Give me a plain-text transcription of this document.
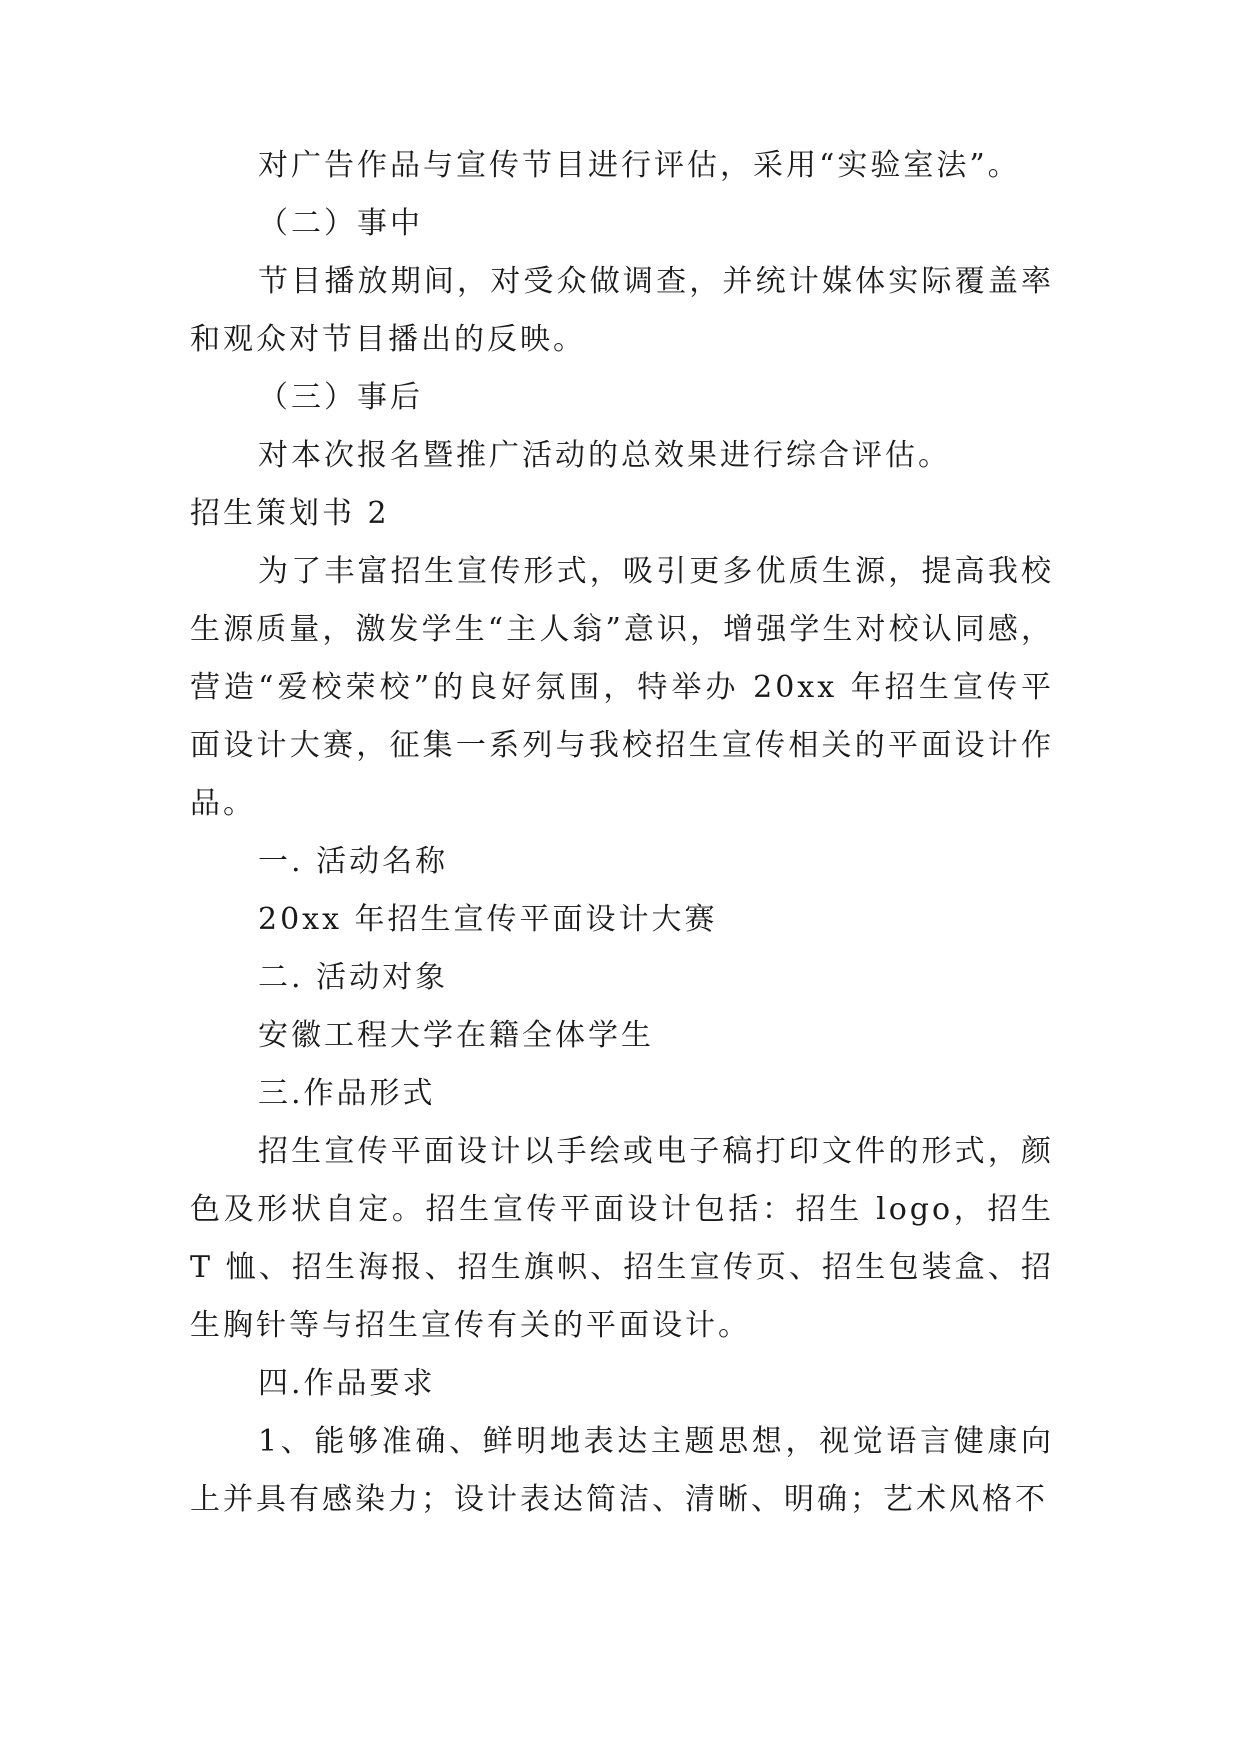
对广告作品与宣传节目进行评估，采用“实验室法”。

（二）事中

节目播放期间，对受众做调查，并统计媒体实际覆盖率和观众对节目播出的反映。

（三）事后

对本次报名暨推广活动的总效果进行综合评估。

招生策划书 2

为了丰富招生宣传形式，吸引更多优质生源，提高我校生源质量，激发学生“主人翁”意识，增强学生对校认同感，营造“爱校荣校”的良好氛围，特举办 20xx 年招生宣传平面设计大赛，征集一系列与我校招生宣传相关的平面设计作品。

一. 活动名称

20xx 年招生宣传平面设计大赛

二. 活动对象

安徽工程大学在籍全体学生

三.作品形式

招生宣传平面设计以手绘或电子稿打印文件的形式，颜色及形状自定。招生宣传平面设计包括：招生 logo，招生 T 恤、招生海报、招生旗帜、招生宣传页、招生包装盒、招生胸针等与招生宣传有关的平面设计。

四.作品要求

1、能够准确、鲜明地表达主题思想，视觉语言健康向上并具有感染力；设计表达简洁、清晰、明确；艺术风格不
